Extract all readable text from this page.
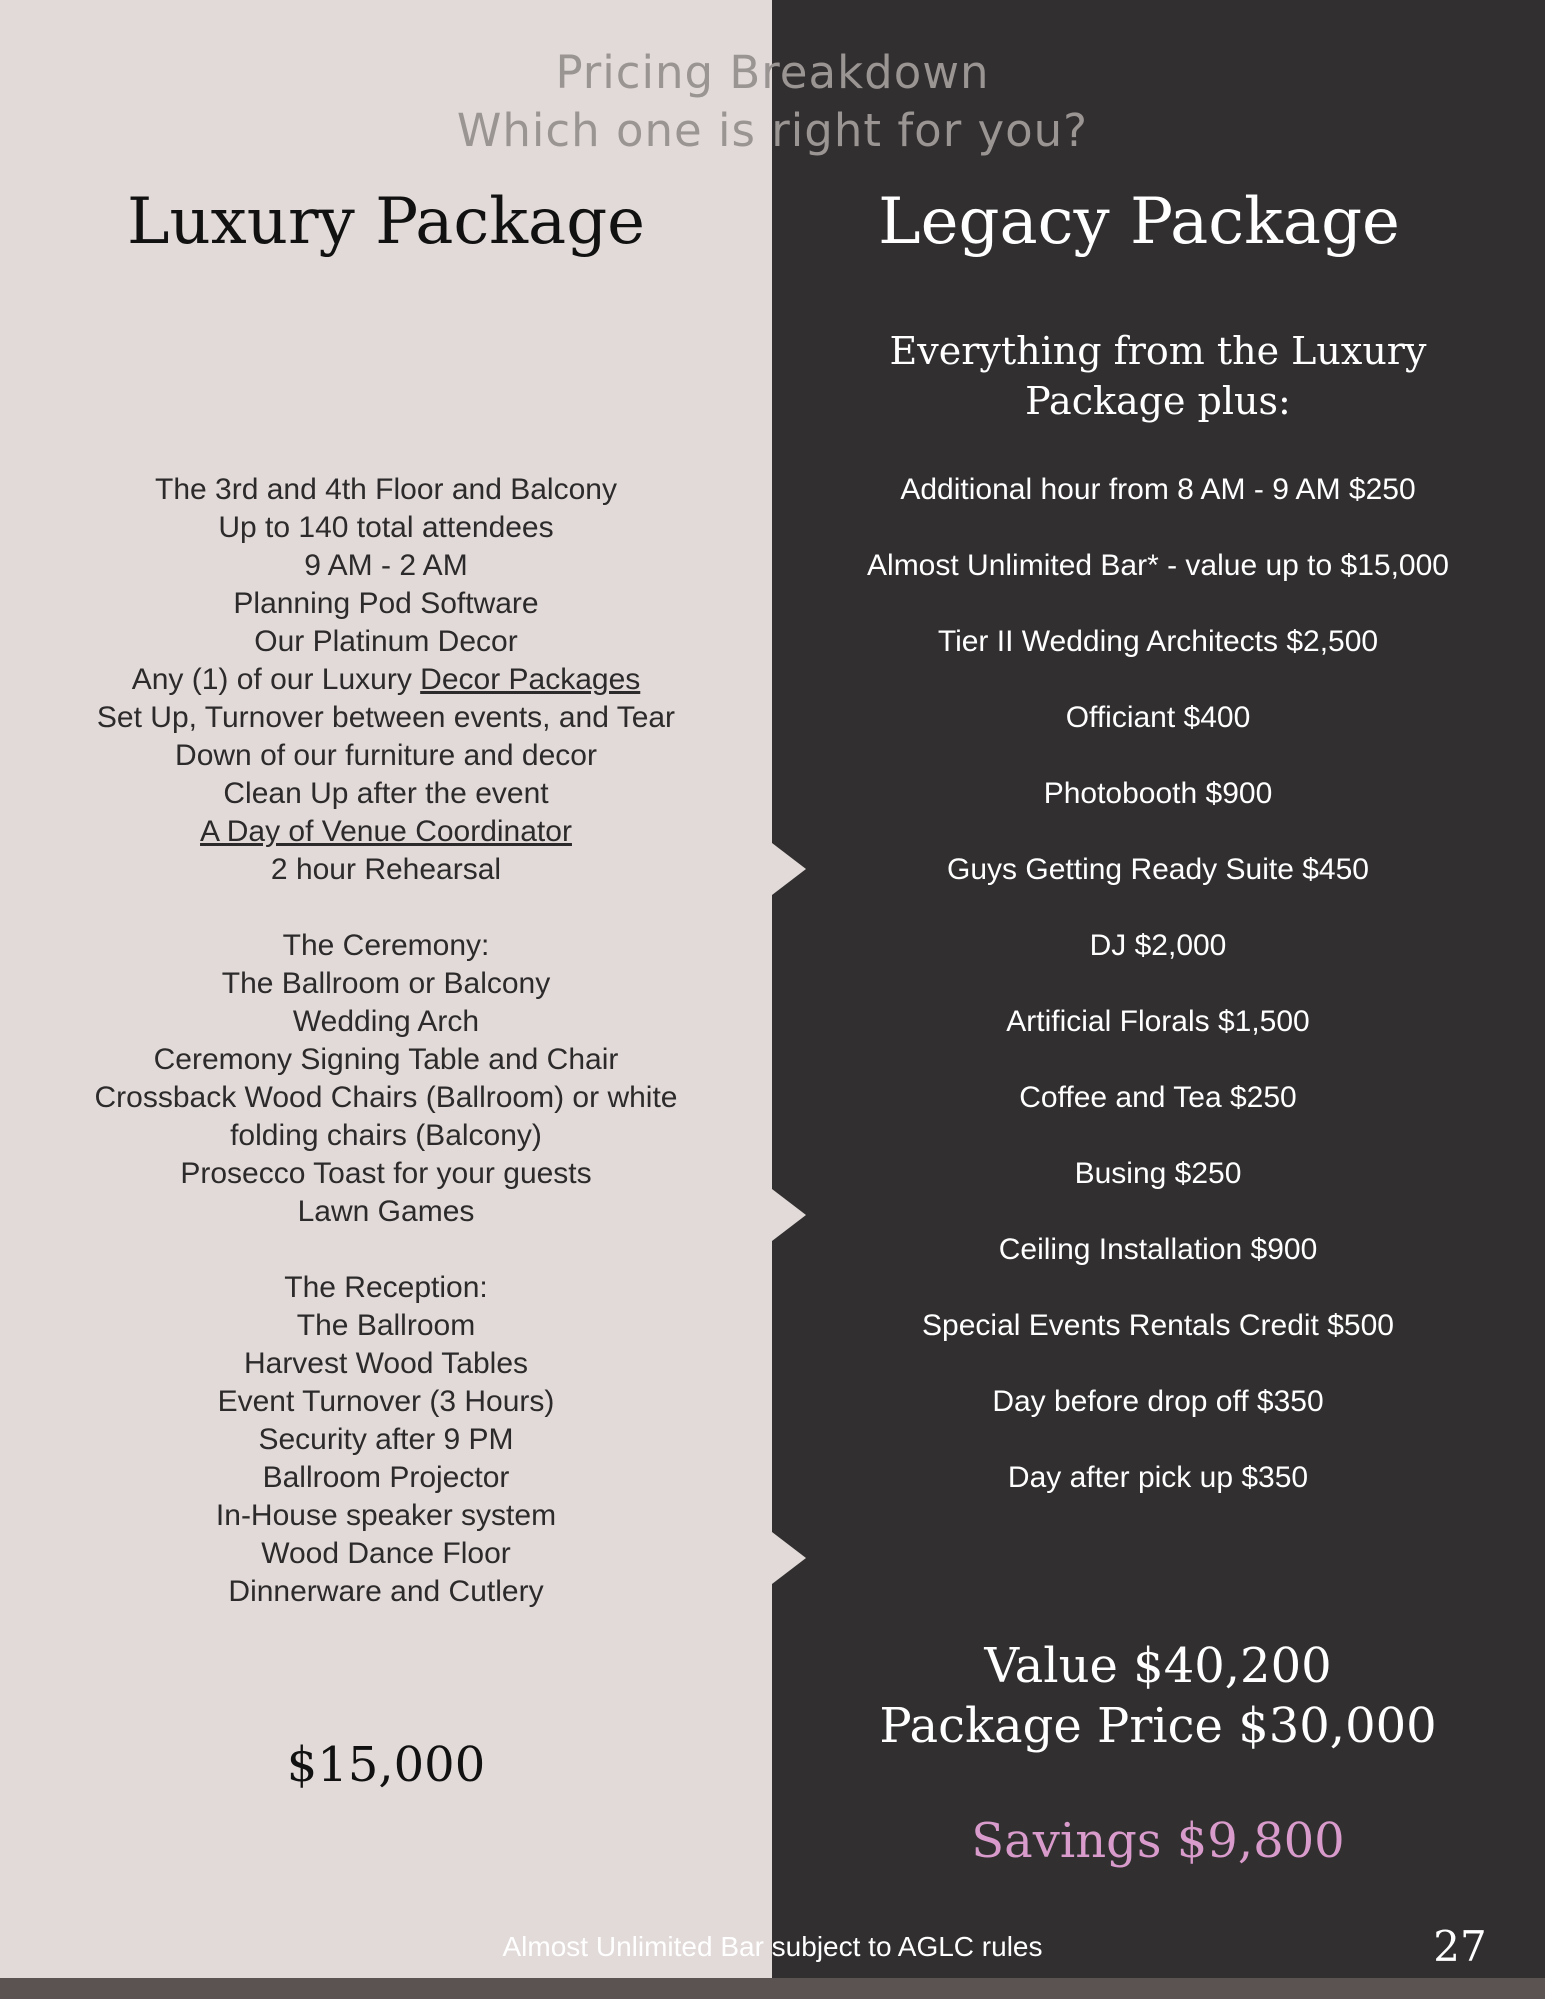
Pricing Breakdown
Which one is right for you?
Luxury Package	Legacy Package
Everything from the Luxury
Package plus:
The 3rd and 4th Floor and Balcony
Up to 140 total attendees
9 AM - 2 AM
Planning Pod Software
Our Platinum Decor
Any (1) of our Luxury Decor Packages
Set Up, Turnover between events, and Tear
Down of our furniture and decor
Clean Up after the event
A Day of Venue Coordinator
2 hour Rehearsal
The Ceremony:
The Ballroom or Balcony
Wedding Arch
Ceremony Signing Table and Chair
Crossback Wood Chairs (Ballroom) or white
folding chairs (Balcony)
Prosecco Toast for your guests
Lawn Games
The Reception:
The Ballroom
Harvest Wood Tables
Event Turnover (3 Hours)
Security after 9 PM
Ballroom Projector
In-House speaker system
Wood Dance Floor
Dinnerware and Cutlery
Additional hour from 8 AM - 9 AM $250
Almost Unlimited Bar* - value up to $15,000
Tier II Wedding Architects $2,500
Officiant $400
Photobooth $900
Guys Getting Ready Suite $450
DJ $2,000
Artificial Florals $1,500
Coffee and Tea $250
Busing $250
Ceiling Installation $900
Special Events Rentals Credit $500
Day before drop off $350
Day after pick up $350
$15,000
Value $40,200
Package Price $30,000
Savings $9,800
Almost Unlimited Bar subject to AGLC rules	27
